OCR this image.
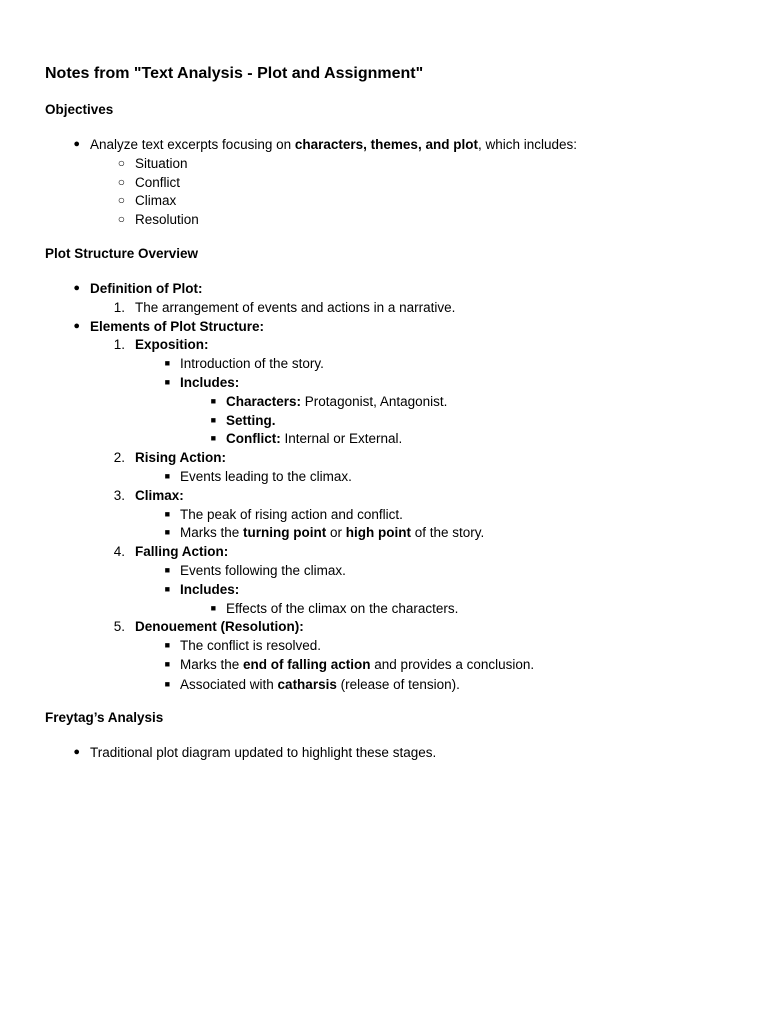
Notes from "Text Analysis - Plot and Assignment"
Objectives
● Analyze text excerpts focusing on characters, themes, and plot, which includes:
○ Situation
○ Conflict
○ Climax
○ Resolution
Plot Structure Overview
● Definition of Plot:
1. The arrangement of events and actions in a narrative.
● Elements of Plot Structure:
1. Exposition:
■ Introduction of the story.
■ Includes:
■ Characters: Protagonist, Antagonist.
■ Setting.
■ Conflict: Internal or External.
2. Rising Action:
■ Events leading to the climax.
3. Climax:
■ The peak of rising action and conflict.
■ Marks the turning point or high point of the story.
4. Falling Action:
■ Events following the climax.
■ Includes:
■ Effects of the climax on the characters.
5. Denouement (Resolution):
■ The conflict is resolved.
■ Marks the end of falling action and provides a conclusion.
■ Associated with catharsis (release of tension).
Freytag’s Analysis
● Traditional plot diagram updated to highlight these stages.
